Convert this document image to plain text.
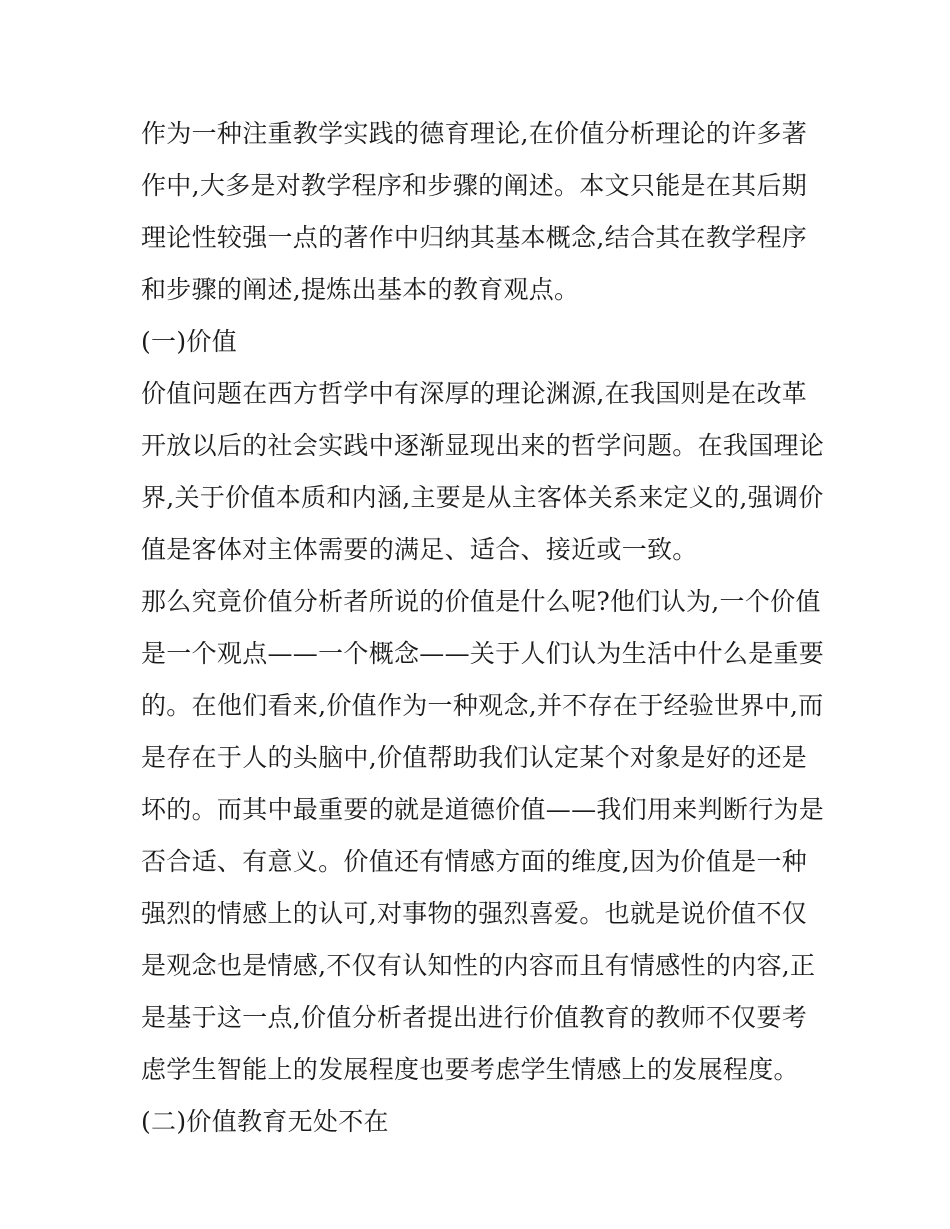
作为一种注重教学实践的德育理论,在价值分析理论的许多著
作中,大多是对教学程序和步骤的阐述。本文只能是在其后期
理论性较强一点的著作中归纳其基本概念,结合其在教学程序
和步骤的阐述,提炼出基本的教育观点。
(一)价值
价值问题在西方哲学中有深厚的理论渊源,在我国则是在改革
开放以后的社会实践中逐渐显现出来的哲学问题。在我国理论
界,关于价值本质和内涵,主要是从主客体关系来定义的,强调价
值是客体对主体需要的满足、适合、接近或一致。
那么究竟价值分析者所说的价值是什么呢?他们认为,一个价值
是一个观点——一个概念——关于人们认为生活中什么是重要
的。在他们看来,价值作为一种观念,并不存在于经验世界中,而
是存在于人的头脑中,价值帮助我们认定某个对象是好的还是
坏的。而其中最重要的就是道德价值——我们用来判断行为是
否合适、有意义。价值还有情感方面的维度,因为价值是一种
强烈的情感上的认可,对事物的强烈喜爱。也就是说价值不仅
是观念也是情感,不仅有认知性的内容而且有情感性的内容,正
是基于这一点,价值分析者提出进行价值教育的教师不仅要考
虑学生智能上的发展程度也要考虑学生情感上的发展程度。
(二)价值教育无处不在
